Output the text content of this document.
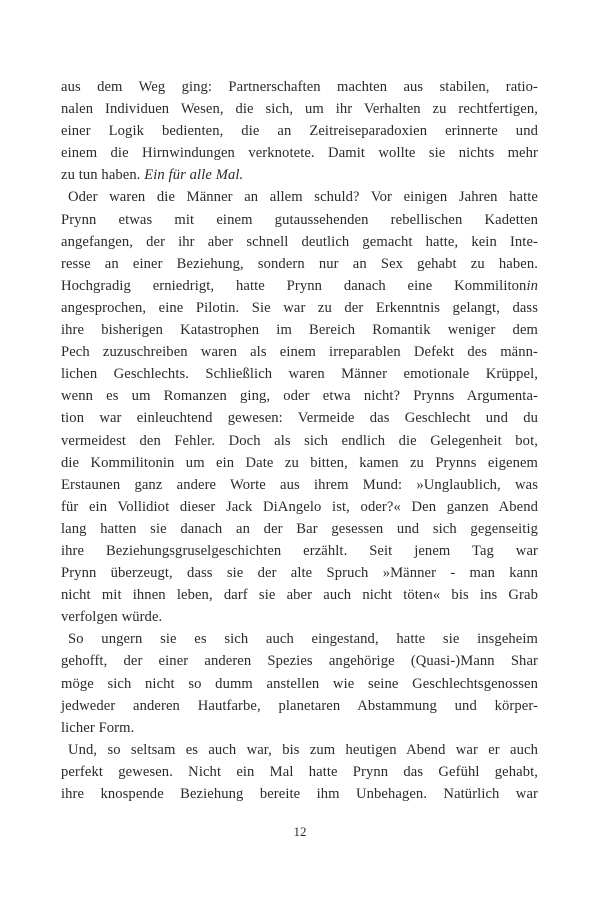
aus dem Weg ging: Partnerschaften machten aus stabilen, ratio-
nalen Individuen Wesen, die sich, um ihr Verhalten zu rechtfertigen,
einer Logik bedienten, die an Zeitreiseparadoxien erinnerte und
einem die Hirnwindungen verknotete. Damit wollte sie nichts mehr
zu tun haben. Ein für alle Mal.
Oder waren die Männer an allem schuld? Vor einigen Jahren hatte
Prynn etwas mit einem gutaussehenden rebellischen Kadetten
angefangen, der ihr aber schnell deutlich gemacht hatte, kein Inte-
resse an einer Beziehung, sondern nur an Sex gehabt zu haben.
Hochgradig erniedrigt, hatte Prynn danach eine Kommilitonin
angesprochen, eine Pilotin. Sie war zu der Erkenntnis gelangt, dass
ihre bisherigen Katastrophen im Bereich Romantik weniger dem
Pech zuzuschreiben waren als einem irreparablen Defekt des männ-
lichen Geschlechts. Schließlich waren Männer emotionale Krüppel,
wenn es um Romanzen ging, oder etwa nicht? Prynns Argumenta-
tion war einleuchtend gewesen: Vermeide das Geschlecht und du
vermeidest den Fehler. Doch als sich endlich die Gelegenheit bot,
die Kommilitonin um ein Date zu bitten, kamen zu Prynns eigenem
Erstaunen ganz andere Worte aus ihrem Mund: »Unglaublich, was
für ein Vollidiot dieser Jack DiAngelo ist, oder?« Den ganzen Abend
lang hatten sie danach an der Bar gesessen und sich gegenseitig
ihre Beziehungsgruselgeschichten erzählt. Seit jenem Tag war
Prynn überzeugt, dass sie der alte Spruch »Männer - man kann
nicht mit ihnen leben, darf sie aber auch nicht töten« bis ins Grab
verfolgen würde.
So ungern sie es sich auch eingestand, hatte sie insgeheim
gehofft, der einer anderen Spezies angehörige (Quasi-)Mann Shar
möge sich nicht so dumm anstellen wie seine Geschlechtsgenossen
jedweder anderen Hautfarbe, planetaren Abstammung und körper-
licher Form.
Und, so seltsam es auch war, bis zum heutigen Abend war er auch
perfekt gewesen. Nicht ein Mal hatte Prynn das Gefühl gehabt,
ihre knospende Beziehung bereite ihm Unbehagen. Natürlich war
12
